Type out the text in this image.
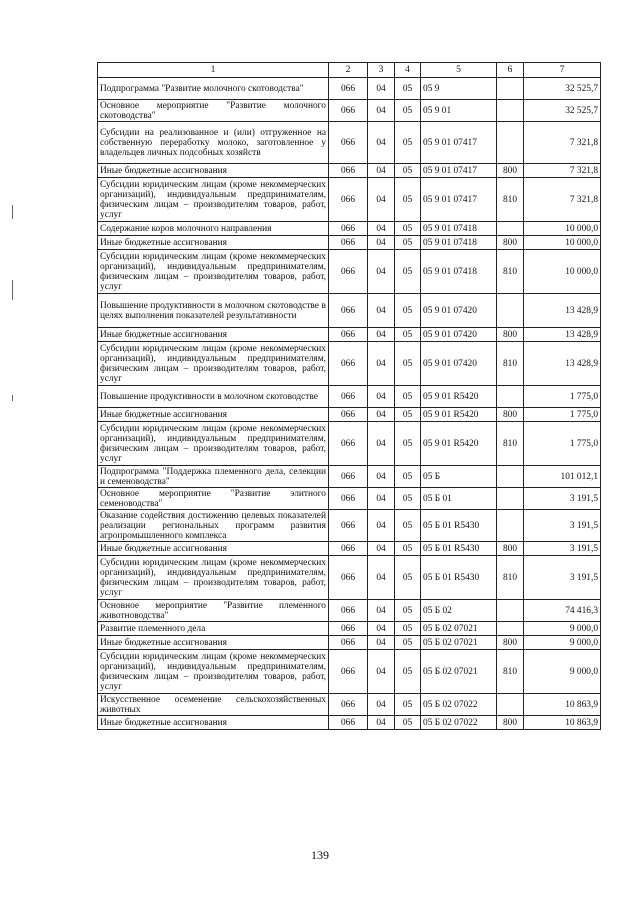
1	2	3	4	5	6	7
Подпрограмма "Развитие молочного скотоводства"	066	04	05	05 9		32 525,7
Основное мероприятие "Развитие молочного скотоводства"	066	04	05	05 9 01		32 525,7
Субсидии на реализованное и (или) отгруженное на собственную переработку молоко, заготовленное у владельцев личных подсобных хозяйств	066	04	05	05 9 01 07417		7 321,8
Иные бюджетные ассигнования	066	04	05	05 9 01 07417	800	7 321,8
Субсидии юридическим лицам (кроме некоммерческих организаций), индивидуальным предпринимателям, физическим лицам – производителям товаров, работ, услуг	066	04	05	05 9 01 07417	810	7 321,8
Содержание коров молочного направления	066	04	05	05 9 01 07418		10 000,0
Иные бюджетные ассигнования	066	04	05	05 9 01 07418	800	10 000,0
Субсидии юридическим лицам (кроме некоммерческих организаций), индивидуальным предпринимателям, физическим лицам – производителям товаров, работ, услуг	066	04	05	05 9 01 07418	810	10 000,0
Повышение продуктивности в молочном скотоводстве в целях выполнения показателей результативности	066	04	05	05 9 01 07420		13 428,9
Иные бюджетные ассигнования	066	04	05	05 9 01 07420	800	13 428,9
Субсидии юридическим лицам (кроме некоммерческих организаций), индивидуальным предпринимателям, физическим лицам – производителям товаров, работ, услуг	066	04	05	05 9 01 07420	810	13 428,9
Повышение продуктивности в молочном скотоводстве	066	04	05	05 9 01 R5420		1 775,0
Иные бюджетные ассигнования	066	04	05	05 9 01 R5420	800	1 775,0
Субсидии юридическим лицам (кроме некоммерческих организаций), индивидуальным предпринимателям, физическим лицам – производителям товаров, работ, услуг	066	04	05	05 9 01 R5420	810	1 775,0
Подпрограмма "Поддержка племенного дела, селекции и семеноводства"	066	04	05	05 Б		101 012,1
Основное мероприятие "Развитие элитного семеноводства"	066	04	05	05 Б 01		3 191,5
Оказание содействия достижению целевых показателей реализации региональных программ развития агропромышленного комплекса	066	04	05	05 Б 01 R5430		3 191,5
Иные бюджетные ассигнования	066	04	05	05 Б 01 R5430	800	3 191,5
Субсидии юридическим лицам (кроме некоммерческих организаций), индивидуальным предпринимателям, физическим лицам – производителям товаров, работ, услуг	066	04	05	05 Б 01 R5430	810	3 191,5
Основное мероприятие "Развитие племенного животноводства"	066	04	05	05 Б 02		74 416,3
Развитие племенного дела	066	04	05	05 Б 02 07021		9 000,0
Иные бюджетные ассигнования	066	04	05	05 Б 02 07021	800	9 000,0
Субсидии юридическим лицам (кроме некоммерческих организаций), индивидуальным предпринимателям, физическим лицам – производителям товаров, работ, услуг	066	04	05	05 Б 02 07021	810	9 000,0
Искусственное осеменение сельскохозяйственных животных	066	04	05	05 Б 02 07022		10 863,9
Иные бюджетные ассигнования	066	04	05	05 Б 02 07022	800	10 863,9
139
